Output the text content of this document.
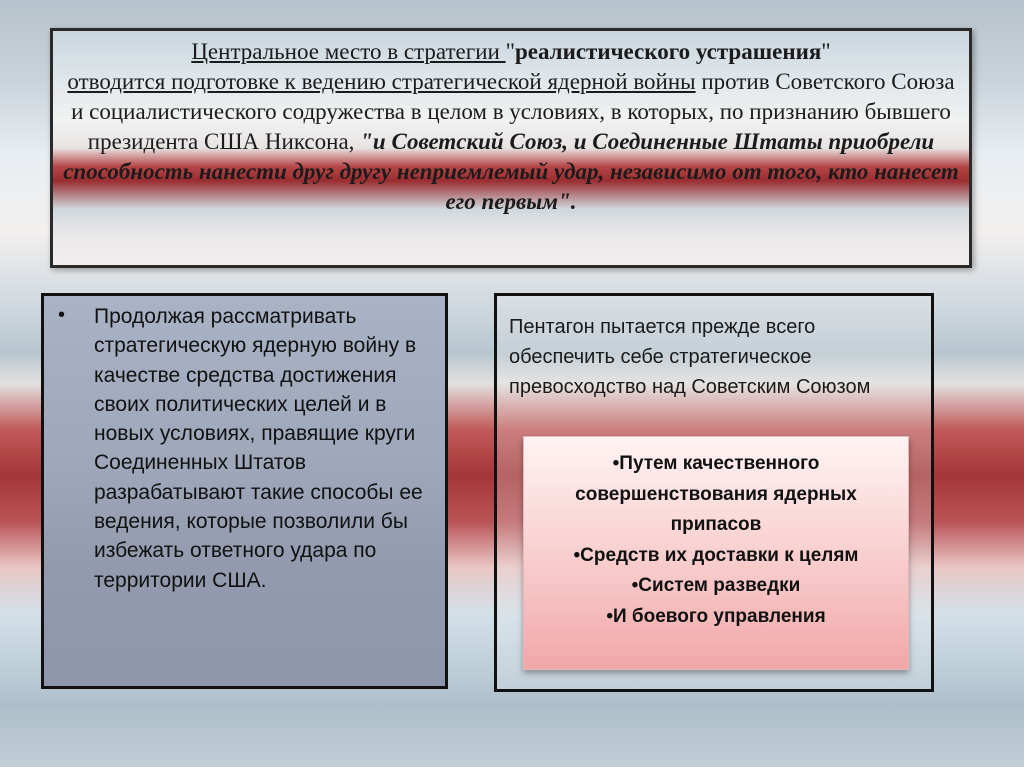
Центральное место в стратегии "реалистического устрашения"
отводится подготовке к ведению стратегической ядерной войны против Советского Союза и социалистического содружества в целом в условиях, в которых, по признанию бывшего президента США Никсона, "и Советский Союз, и Соединенные Штаты приобрели способность нанести друг другу неприемлемый удар, независимо от того, кто нанесет его первым".
• Продолжая рассматривать стратегическую ядерную войну в качестве средства достижения своих политических целей и в новых условиях, правящие круги Соединенных Штатов разрабатывают такие способы ее ведения, которые позволили бы избежать ответного удара по территории США.
Пентагон пытается прежде всего обеспечить себе стратегическое превосходство над Советским Союзом
•Путем качественного совершенствования ядерных припасов
•Средств их доставки к целям
•Систем разведки
•И боевого управления
